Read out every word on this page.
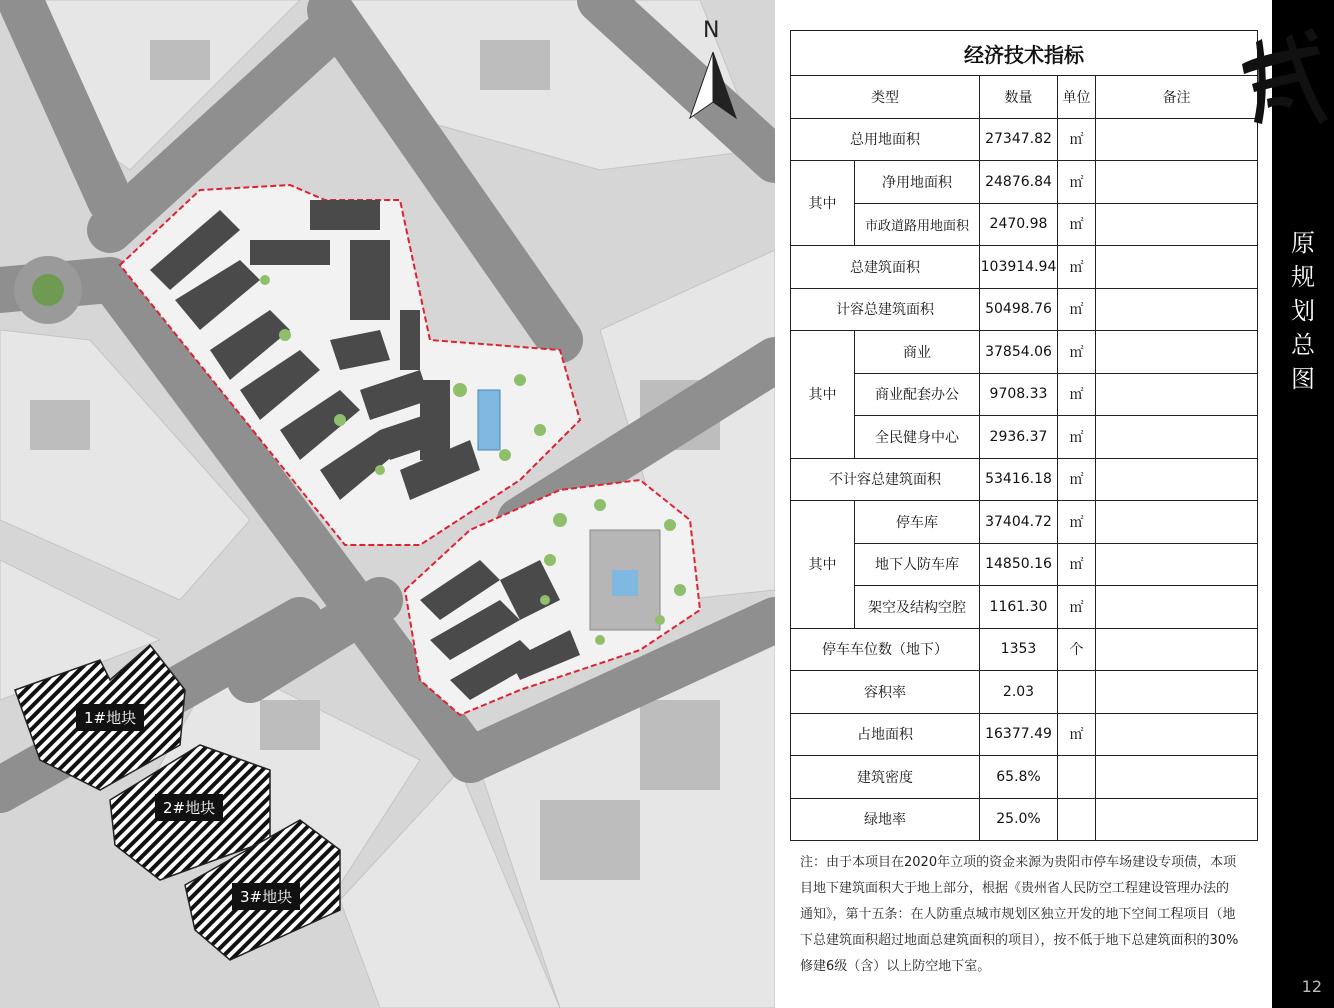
N
1#地块
2#地块
3#地块
经济技术指标				
类型		数量	单位	备注
总用地面积		27347.82	㎡	
其中	净用地面积	24876.84	㎡	
	市政道路用地面积	2470.98	㎡	
总建筑面积		103914.94	㎡	
计容总建筑面积		50498.76	㎡	
其中	商业	37854.06	㎡	
	商业配套办公	9708.33	㎡	
	全民健身中心	2936.37	㎡	
不计容总建筑面积		53416.18	㎡	
其中	停车库	37404.72	㎡	
	地下人防车库	14850.16	㎡	
	架空及结构空腔	1161.30	㎡	
停车车位数（地下）		1353	个	
容积率		2.03		
占地面积		16377.49	㎡	
建筑密度		65.8%		
绿地率		25.0%		
注：由于本项目在2020年立项的资金来源为贵阳市停车场建设专项债，本项目地下建筑面积大于地上部分，根据《贵州省人民防空工程建设管理办法的通知》，第十五条：在人防重点城市规划区独立开发的地下空间工程项目（地下总建筑面积超过地面总建筑面积的项目），按不低于地下总建筑面积的30%修建6级（含）以上防空地下室。
原
规
划
总
图
12
